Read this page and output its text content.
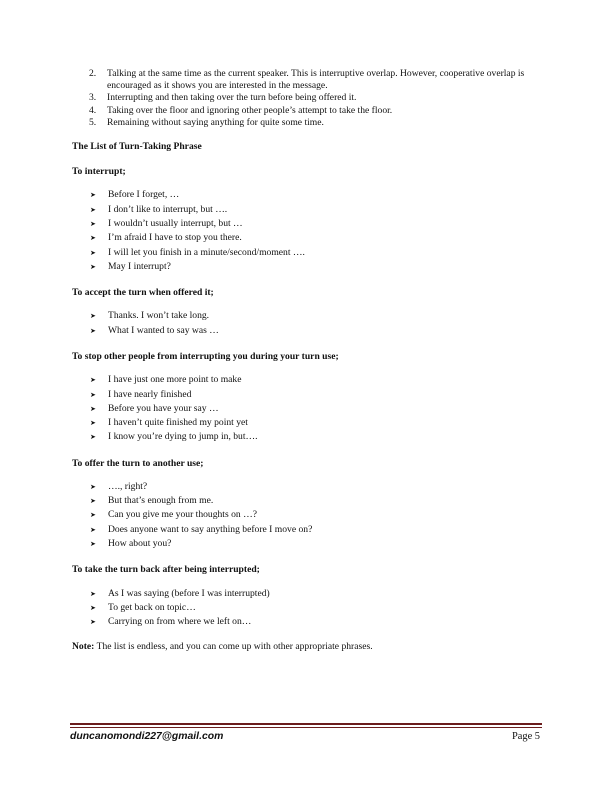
2. Talking at the same time as the current speaker. This is interruptive overlap. However, cooperative overlap is encouraged as it shows you are interested in the message.
3. Interrupting and then taking over the turn before being offered it.
4. Taking over the floor and ignoring other people’s attempt to take the floor.
5. Remaining without saying anything for quite some time.

The List of Turn-Taking Phrase

To interrupt;

➤ Before I forget, …
➤ I don’t like to interrupt, but ….
➤ I wouldn’t usually interrupt, but …
➤ I’m afraid I have to stop you there.
➤ I will let you finish in a minute/second/moment ….
➤ May I interrupt?

To accept the turn when offered it;

➤ Thanks. I won’t take long.
➤ What I wanted to say was …

To stop other people from interrupting you during your turn use;

➤ I have just one more point to make
➤ I have nearly finished
➤ Before you have your say …
➤ I haven’t quite finished my point yet
➤ I know you’re dying to jump in, but….

To offer the turn to another use;

➤ …., right?
➤ But that’s enough from me.
➤ Can you give me your thoughts on …?
➤ Does anyone want to say anything before I move on?
➤ How about you?

To take the turn back after being interrupted;

➤ As I was saying (before I was interrupted)
➤ To get back on topic…
➤ Carrying on from where we left on…

Note: The list is endless, and you can come up with other appropriate phrases.

duncanomondi227@gmail.com	Page 5
